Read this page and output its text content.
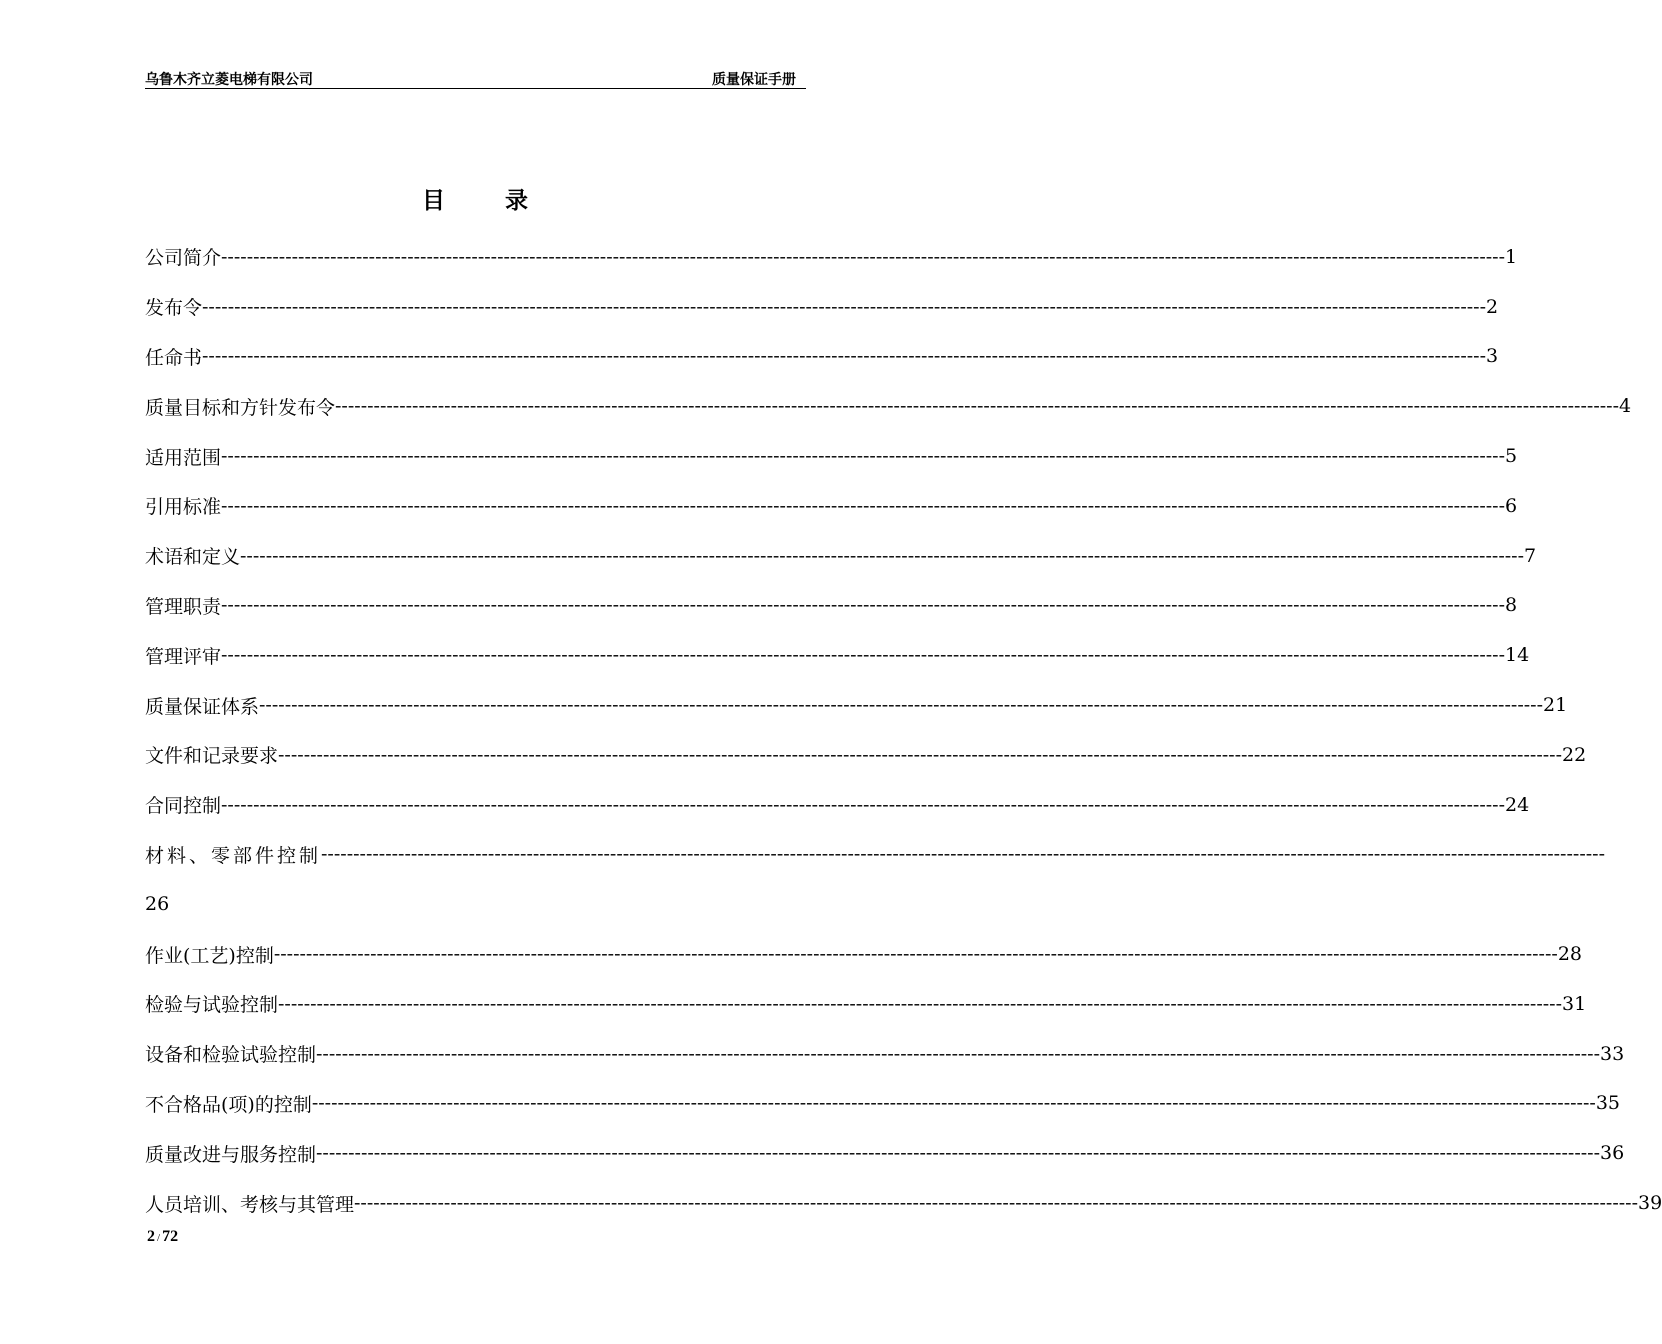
乌鲁木齐立菱电梯有限公司	质量保证手册
目	录
公司简介 -------------------------------------------------------------------------------------------------------------------------------------------------------------------------------------------------------- 1
发布令 -------------------------------------------------------------------------------------------------------------------------------------------------------------------------------------------------------- 2
任命书 -------------------------------------------------------------------------------------------------------------------------------------------------------------------------------------------------------- 3
质量目标和方针发布令 -------------------------------------------------------------------------------------------------------------------------------------------------------------------------------------------------------- 4
适用范围 -------------------------------------------------------------------------------------------------------------------------------------------------------------------------------------------------------- 5
引用标准 -------------------------------------------------------------------------------------------------------------------------------------------------------------------------------------------------------- 6
术语和定义 -------------------------------------------------------------------------------------------------------------------------------------------------------------------------------------------------------- 7
管理职责 -------------------------------------------------------------------------------------------------------------------------------------------------------------------------------------------------------- 8
管理评审 -------------------------------------------------------------------------------------------------------------------------------------------------------------------------------------------------------- 14
质量保证体系 -------------------------------------------------------------------------------------------------------------------------------------------------------------------------------------------------------- 21
文件和记录要求 -------------------------------------------------------------------------------------------------------------------------------------------------------------------------------------------------------- 22
合同控制 -------------------------------------------------------------------------------------------------------------------------------------------------------------------------------------------------------- 24
材料、零部件控制 --------------------------------------------------------------------------------------------------------------------------------------------------------------------------------------------------------
26
作业(工艺)控制 -------------------------------------------------------------------------------------------------------------------------------------------------------------------------------------------------------- 28
检验与试验控制 -------------------------------------------------------------------------------------------------------------------------------------------------------------------------------------------------------- 31
设备和检验试验控制 -------------------------------------------------------------------------------------------------------------------------------------------------------------------------------------------------------- 33
不合格品(项)的控制 -------------------------------------------------------------------------------------------------------------------------------------------------------------------------------------------------------- 35
质量改进与服务控制 -------------------------------------------------------------------------------------------------------------------------------------------------------------------------------------------------------- 36
人员培训、考核与其管理 -------------------------------------------------------------------------------------------------------------------------------------------------------------------------------------------------------- 39
2 / 72
